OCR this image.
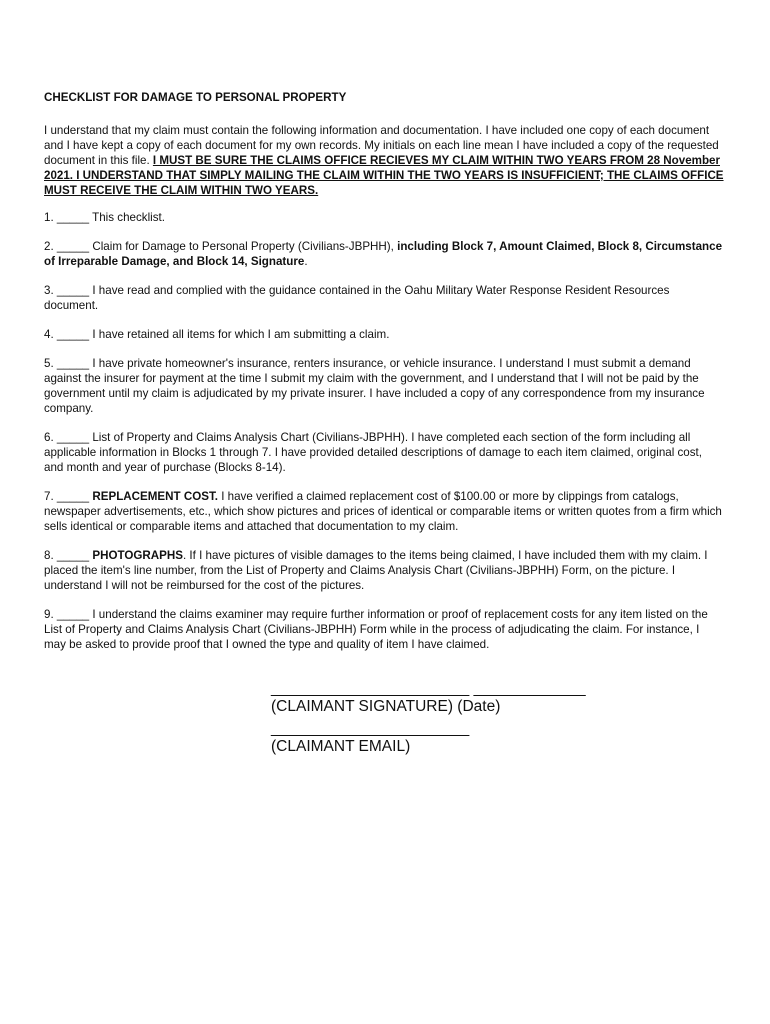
CHECKLIST FOR DAMAGE TO PERSONAL PROPERTY

I understand that my claim must contain the following information and documentation. I have included one copy of each document and I have kept a copy of each document for my own records. My initials on each line mean I have included a copy of the requested document in this file. I MUST BE SURE THE CLAIMS OFFICE RECIEVES MY CLAIM WITHIN TWO YEARS FROM 28 November 2021. I UNDERSTAND THAT SIMPLY MAILING THE CLAIM WITHIN THE TWO YEARS IS INSUFFICIENT; THE CLAIMS OFFICE MUST RECEIVE THE CLAIM WITHIN TWO YEARS.

1. _____ This checklist.

2. _____ Claim for Damage to Personal Property (Civilians-JBPHH), including Block 7, Amount Claimed, Block 8, Circumstance of Irreparable Damage, and Block 14, Signature.

3. _____ I have read and complied with the guidance contained in the Oahu Military Water Response Resident Resources document.

4. _____ I have retained all items for which I am submitting a claim.

5. _____ I have private homeowner's insurance, renters insurance, or vehicle insurance. I understand I must submit a demand against the insurer for payment at the time I submit my claim with the government, and I understand that I will not be paid by the government until my claim is adjudicated by my private insurer. I have included a copy of any correspondence from my insurance company.

6. _____ List of Property and Claims Analysis Chart (Civilians-JBPHH). I have completed each section of the form including all applicable information in Blocks 1 through 7. I have provided detailed descriptions of damage to each item claimed, original cost, and month and year of purchase (Blocks 8-14).

7. _____ REPLACEMENT COST. I have verified a claimed replacement cost of $100.00 or more by clippings from catalogs, newspaper advertisements, etc., which show pictures and prices of identical or comparable items or written quotes from a firm which sells identical or comparable items and attached that documentation to my claim.

8. _____ PHOTOGRAPHS. If I have pictures of visible damages to the items being claimed, I have included them with my claim. I placed the item's line number, from the List of Property and Claims Analysis Chart (Civilians-JBPHH) Form, on the picture. I understand I will not be reimbursed for the cost of the pictures.

9. _____ I understand the claims examiner may require further information or proof of replacement costs for any item listed on the List of Property and Claims Analysis Chart (Civilians-JBPHH) Form while in the process of adjudicating the claim. For instance, I may be asked to provide proof that I owned the type and quality of item I have claimed.

_______________________ _____________
(CLAIMANT SIGNATURE) (Date)
_______________________
(CLAIMANT EMAIL)
